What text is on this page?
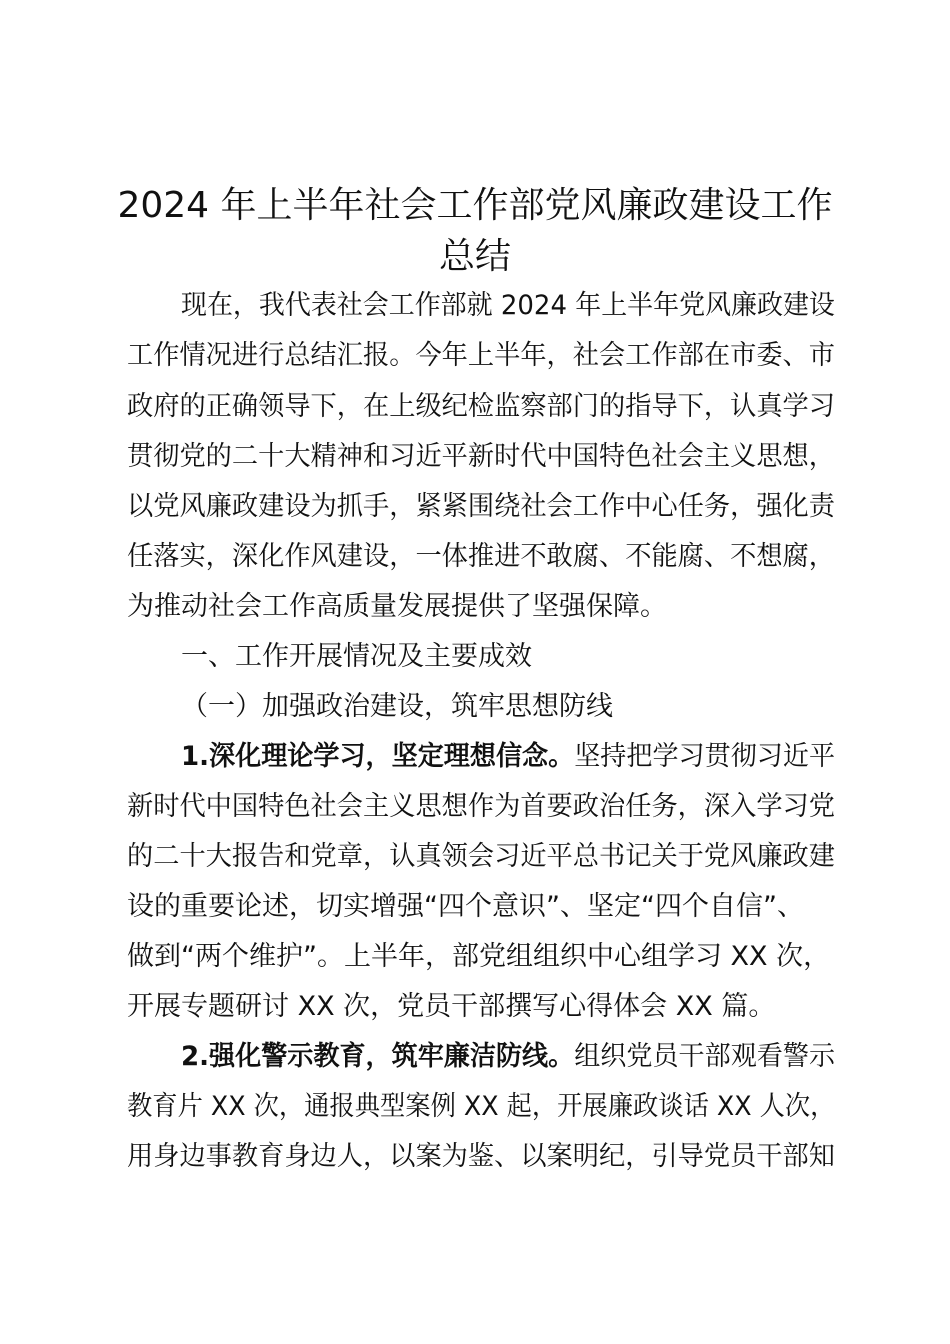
2024 年上半年社会工作部党风廉政建设工作
总结
现在，我代表社会工作部就 2024 年上半年党风廉政建设
工作情况进行总结汇报。今年上半年，社会工作部在市委、市
政府的正确领导下，在上级纪检监察部门的指导下，认真学习
贯彻党的二十大精神和习近平新时代中国特色社会主义思想，
以党风廉政建设为抓手，紧紧围绕社会工作中心任务，强化责
任落实，深化作风建设，一体推进不敢腐、不能腐、不想腐，
为推动社会工作高质量发展提供了坚强保障。
一、工作开展情况及主要成效
（一）加强政治建设，筑牢思想防线
1.深化理论学习，坚定理想信念。坚持把学习贯彻习近平
新时代中国特色社会主义思想作为首要政治任务，深入学习党
的二十大报告和党章，认真领会习近平总书记关于党风廉政建
设的重要论述，切实增强“四个意识”、坚定“四个自信”、
做到“两个维护”。上半年，部党组组织中心组学习 XX 次，
开展专题研讨 XX 次，党员干部撰写心得体会 XX 篇。
2.强化警示教育，筑牢廉洁防线。组织党员干部观看警示
教育片 XX 次，通报典型案例 XX 起，开展廉政谈话 XX 人次，
用身边事教育身边人，以案为鉴、以案明纪，引导党员干部知
